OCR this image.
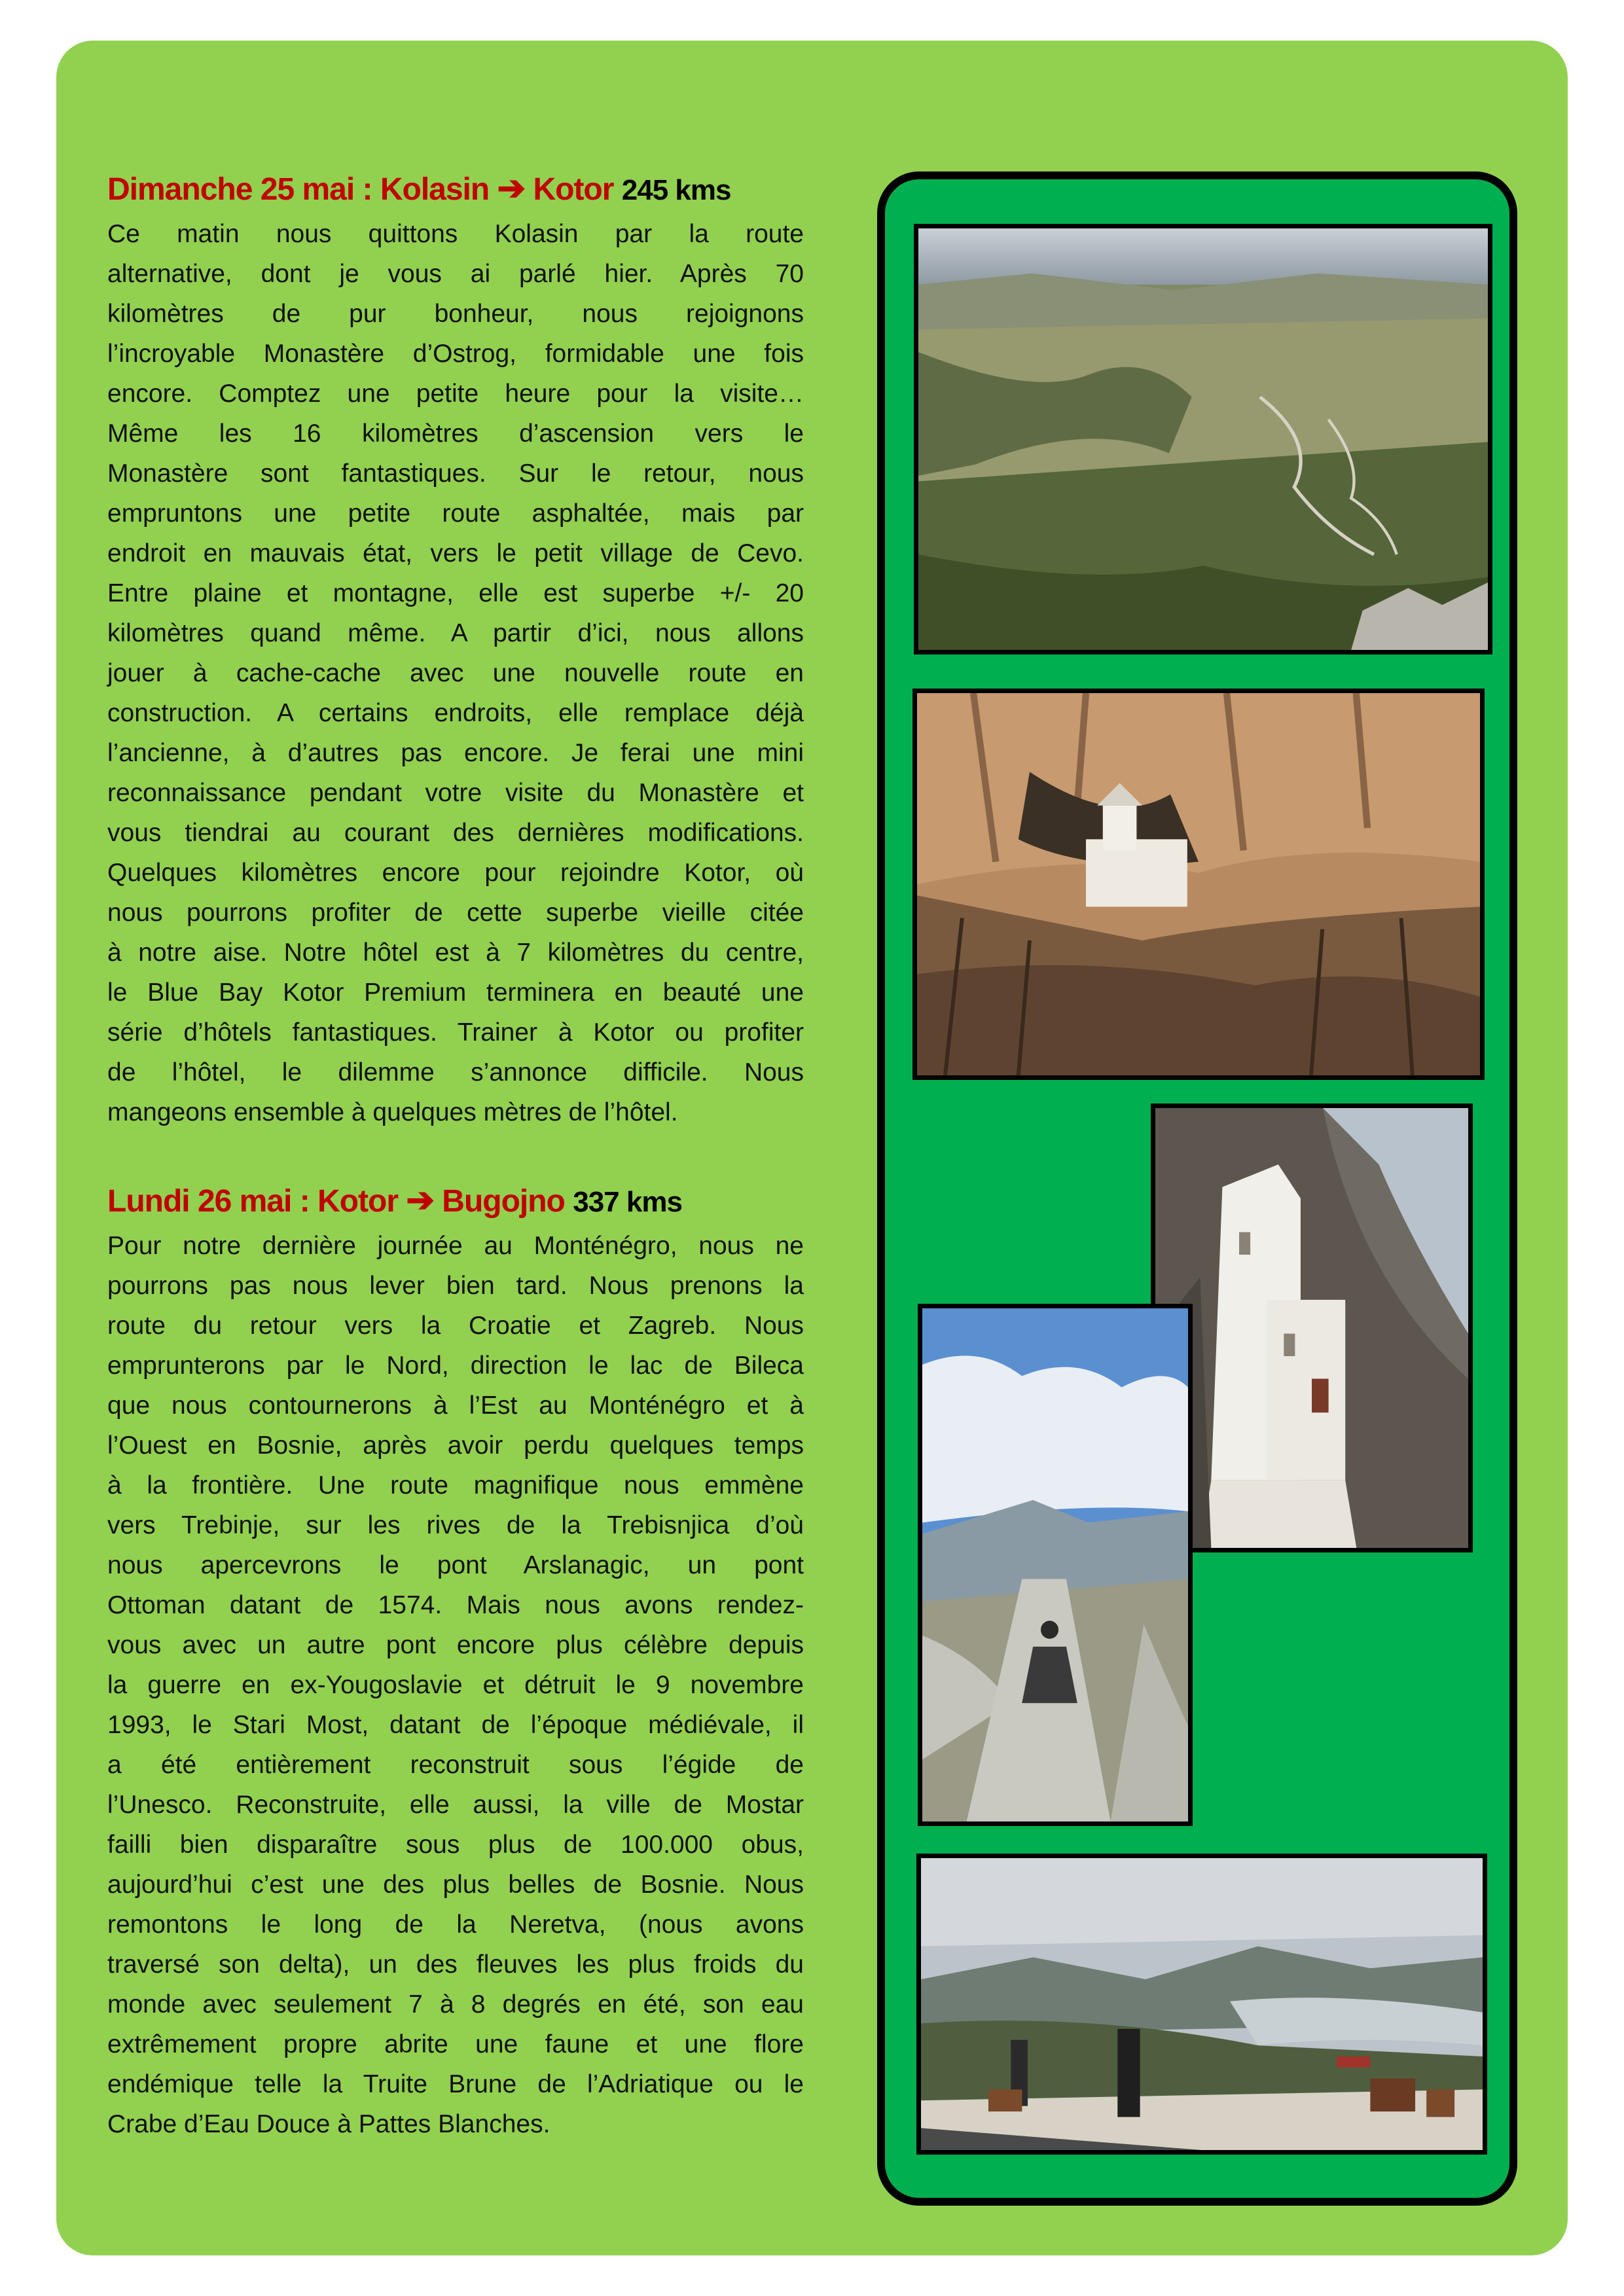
Dimanche 25 mai : Kolasin ➔ Kotor 245 kms
Ce matin nous quittons Kolasin par la route
alternative, dont je vous ai parlé hier. Après 70
kilomètres de pur bonheur, nous rejoignons
l’incroyable Monastère d’Ostrog, formidable une fois
encore. Comptez une petite heure pour la visite…
Même les 16 kilomètres d’ascension vers le
Monastère sont fantastiques. Sur le retour, nous
empruntons une petite route asphaltée, mais par
endroit en mauvais état, vers le petit village de Cevo.
Entre plaine et montagne, elle est superbe +/- 20
kilomètres quand même. A partir d’ici, nous allons
jouer à cache-cache avec une nouvelle route en
construction. A certains endroits, elle remplace déjà
l’ancienne, à d’autres pas encore. Je ferai une mini
reconnaissance pendant votre visite du Monastère et
vous tiendrai au courant des dernières modifications.
Quelques kilomètres encore pour rejoindre Kotor, où
nous pourrons profiter de cette superbe vieille citée
à notre aise. Notre hôtel est à 7 kilomètres du centre,
le Blue Bay Kotor Premium terminera en beauté une
série d’hôtels fantastiques. Trainer à Kotor ou profiter
de l’hôtel, le dilemme s’annonce difficile. Nous
mangeons ensemble à quelques mètres de l’hôtel.
Lundi 26 mai : Kotor ➔ Bugojno 337 kms
Pour notre dernière journée au Monténégro, nous ne
pourrons pas nous lever bien tard. Nous prenons la
route du retour vers la Croatie et Zagreb. Nous
emprunterons par le Nord, direction le lac de Bileca
que nous contournerons à l’Est au Monténégro et à
l’Ouest en Bosnie, après avoir perdu quelques temps
à la frontière. Une route magnifique nous emmène
vers Trebinje, sur les rives de la Trebisnjica d’où
nous apercevrons le pont Arslanagic, un pont
Ottoman datant de 1574. Mais nous avons rendez-
vous avec un autre pont encore plus célèbre depuis
la guerre en ex-Yougoslavie et détruit le 9 novembre
1993, le Stari Most, datant de l’époque médiévale, il
a été entièrement reconstruit sous l’égide de
l’Unesco. Reconstruite, elle aussi, la ville de Mostar
failli bien disparaître sous plus de 100.000 obus,
aujourd’hui c’est une des plus belles de Bosnie. Nous
remontons le long de la Neretva, (nous avons
traversé son delta), un des fleuves les plus froids du
monde avec seulement 7 à 8 degrés en été, son eau
extrêmement propre abrite une faune et une flore
endémique telle la Truite Brune de l’Adriatique ou le
Crabe d’Eau Douce à Pattes Blanches.
